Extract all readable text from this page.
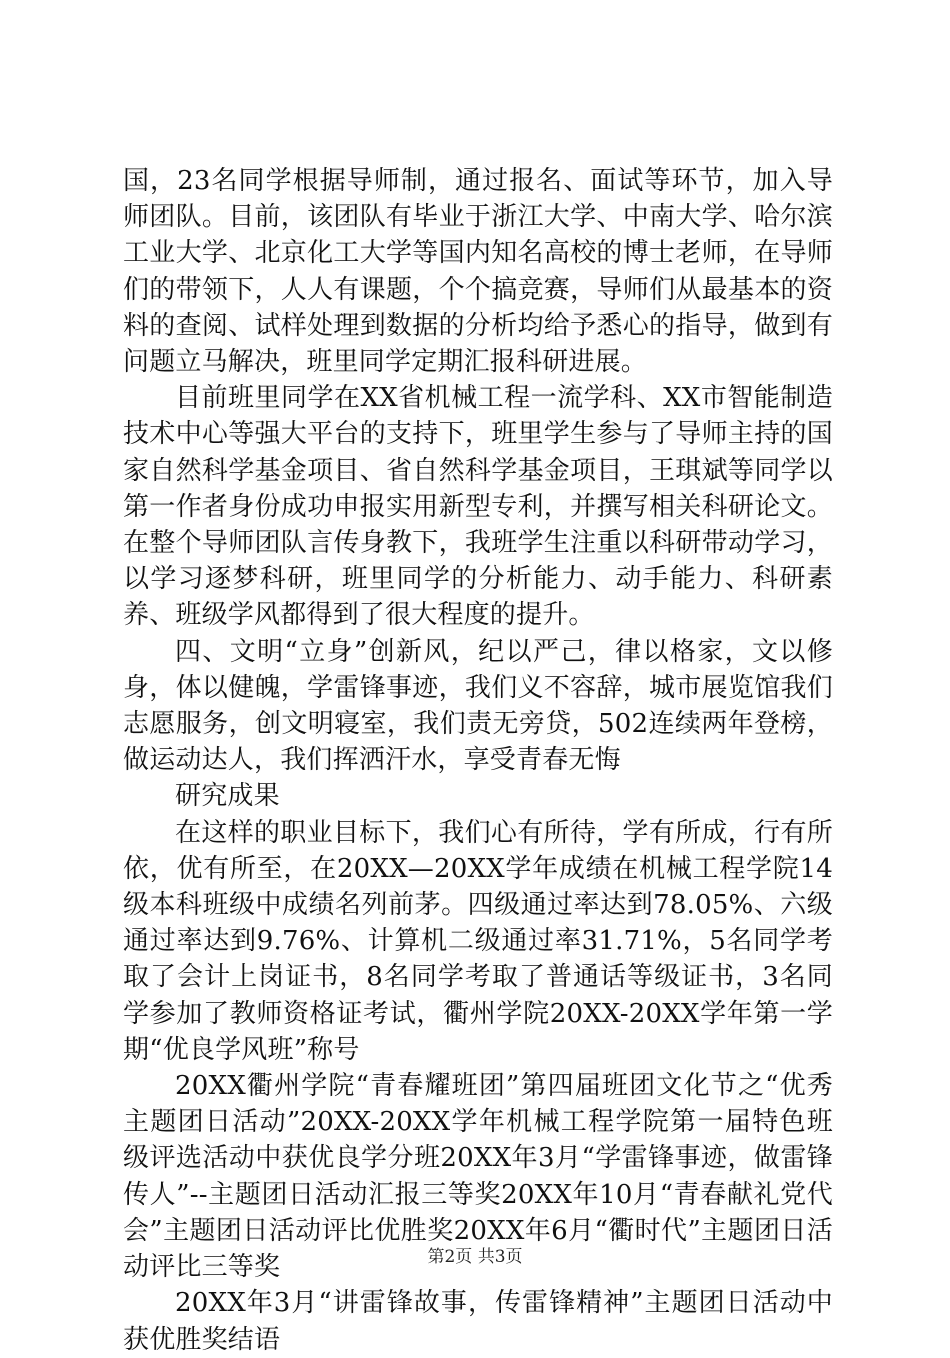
国，23名同学根据导师制，通过报名、面试等环节，加入导师团队。目前，该团队有毕业于浙江大学、中南大学、哈尔滨工业大学、北京化工大学等国内知名高校的博士老师，在导师们的带领下，人人有课题，个个搞竞赛，导师们从最基本的资料的查阅、试样处理到数据的分析均给予悉心的指导，做到有问题立马解决，班里同学定期汇报科研进展。

目前班里同学在XX省机械工程一流学科、XX市智能制造技术中心等强大平台的支持下，班里学生参与了导师主持的国家自然科学基金项目、省自然科学基金项目，王琪斌等同学以第一作者身份成功申报实用新型专利，并撰写相关科研论文。在整个导师团队言传身教下，我班学生注重以科研带动学习，以学习逐梦科研，班里同学的分析能力、动手能力、科研素养、班级学风都得到了很大程度的提升。

四、文明“立身”创新风，纪以严己，律以格家，文以修身，体以健魄，学雷锋事迹，我们义不容辞，城市展览馆我们志愿服务，创文明寝室，我们责无旁贷，502连续两年登榜，做运动达人，我们挥洒汗水，享受青春无悔

研究成果

在这样的职业目标下，我们心有所待，学有所成，行有所依，优有所至，在20XX—20XX学年成绩在机械工程学院14级本科班级中成绩名列前茅。四级通过率达到78.05%、六级通过率达到9.76%、计算机二级通过率31.71%，5名同学考取了会计上岗证书，8名同学考取了普通话等级证书，3名同学参加了教师资格证考试，衢州学院20XX-20XX学年第一学期“优良学风班”称号

20XX衢州学院“青春耀班团”第四届班团文化节之“优秀主题团日活动”20XX-20XX学年机械工程学院第一届特色班级评选活动中获优良学分班20XX年3月“学雷锋事迹，做雷锋传人”--主题团日活动汇报三等奖20XX年10月“青春献礼党代会”主题团日活动评比优胜奖20XX年6月“衢时代”主题团日活动评比三等奖

20XX年3月“讲雷锋故事，传雷锋精神”主题团日活动中获优胜奖结语

第2页 共3页
